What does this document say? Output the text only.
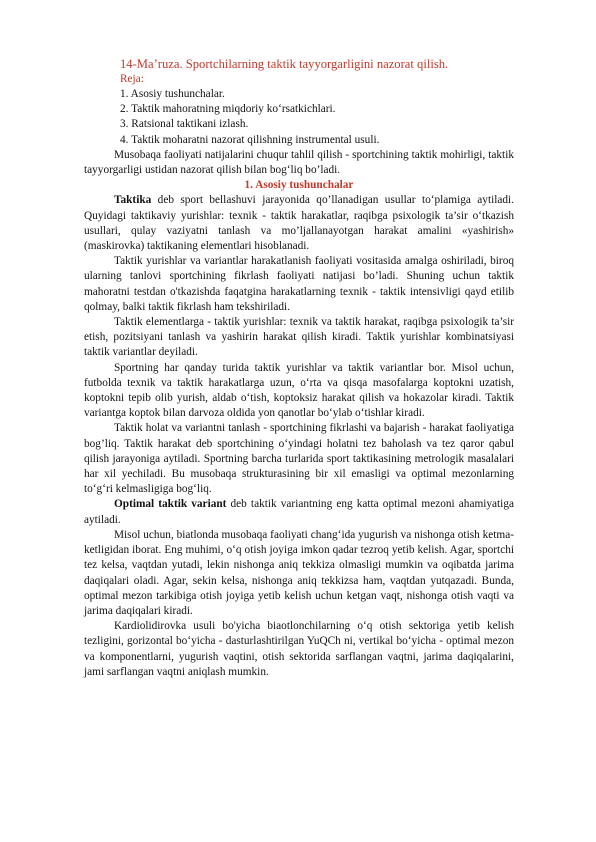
14-Ma’ruza. Sportchilarning taktik tayyorgarligini nazorat qilish.
Reja:
1. Asosiy tushunchalar.
2. Taktik mahoratning miqdoriy ko‘rsatkichlari.
3. Ratsional taktikani izlash.
4. Taktik moharatni nazorat qilishning instrumental usuli.

Musobaqa faoliyati natijalarini chuqur tahlil qilish - sportchining taktik mohirligi, taktik tayyorgarligi ustidan nazorat qilish bilan bog‘liq bo’ladi.

1. Asosiy tushunchalar

Taktika deb sport bellashuvi jarayonida qo’llanadigan usullar to‘plamiga aytiladi. Quyidagi taktikaviy yurishlar: texnik - taktik harakatlar, raqibga psixologik ta’sir o‘tkazish usullari, qulay vaziyatni tanlash va mo’ljallanayotgan harakat amalini «yashirish» (maskirovka) taktikaning elementlari hisoblanadi.

Taktik yurishlar va variantlar harakatlanish faoliyati vositasida amalga oshiriladi, biroq ularning tanlovi sportchining fikrlash faoliyati natijasi bo’ladi. Shuning uchun taktik mahoratni testdan o'tkazishda faqatgina harakatlarning texnik - taktik intensivligi qayd etilib qolmay, balki taktik fikrlash ham tekshiriladi.

Taktik elementlarga - taktik yurishlar: texnik va taktik harakat, raqibga psixologik ta’sir etish, pozitsiyani tanlash va yashirin harakat qilish kiradi. Taktik yurishlar kombinatsiyasi taktik variantlar deyiladi.

Sportning har qanday turida taktik yurishlar va taktik variantlar bor. Misol uchun, futbolda texnik va taktik harakatlarga uzun, o‘rta va qisqa masofalarga koptokni uzatish, koptokni tepib olib yurish, aldab o‘tish, koptoksiz harakat qilish va hokazolar kiradi. Taktik variantga koptok bilan darvoza oldida yon qanotlar bo‘ylab o‘tishlar kiradi.

Taktik holat va variantni tanlash - sportchining fikrlashi va bajarish - harakat faoliyatiga bog’liq. Taktik harakat deb sportchining o‘yindagi holatni tez baholash va tez qaror qabul qilish jarayoniga aytiladi. Sportning barcha turlarida sport taktikasining metrologik masalalari har xil yechiladi. Bu musobaqa strukturasining bir xil emasligi va optimal mezonlarning to‘g‘ri kelmasligiga bog‘liq.

Optimal taktik variant deb taktik variantning eng katta optimal mezoni ahamiyatiga aytiladi.

Misol uchun, biatlonda musobaqa faoliyati chang‘ida yugurish va nishonga otish ketma-ketligidan iborat. Eng muhimi, o‘q otish joyiga imkon qadar tezroq yetib kelish. Agar, sportchi tez kelsa, vaqtdan yutadi, lekin nishonga aniq tekkiza olmasligi mumkin va oqibatda jarima daqiqalari oladi. Agar, sekin kelsa, nishonga aniq tekkizsa ham, vaqtdan yutqazadi. Bunda, optimal mezon tarkibiga otish joyiga yetib kelish uchun ketgan vaqt, nishonga otish vaqti va jarima daqiqalari kiradi.

Kardiolidirovka usuli bo'yicha biaotlonchilarning o‘q otish sektoriga yetib kelish tezligini, gorizontal bo‘yicha - dasturlashtirilgan YuQCh ni, vertikal bo‘yicha - optimal mezon va komponentlarni, yugurish vaqtini, otish sektorida sarflangan vaqtni, jarima daqiqalarini, jami sarflangan vaqtni aniqlash mumkin.
